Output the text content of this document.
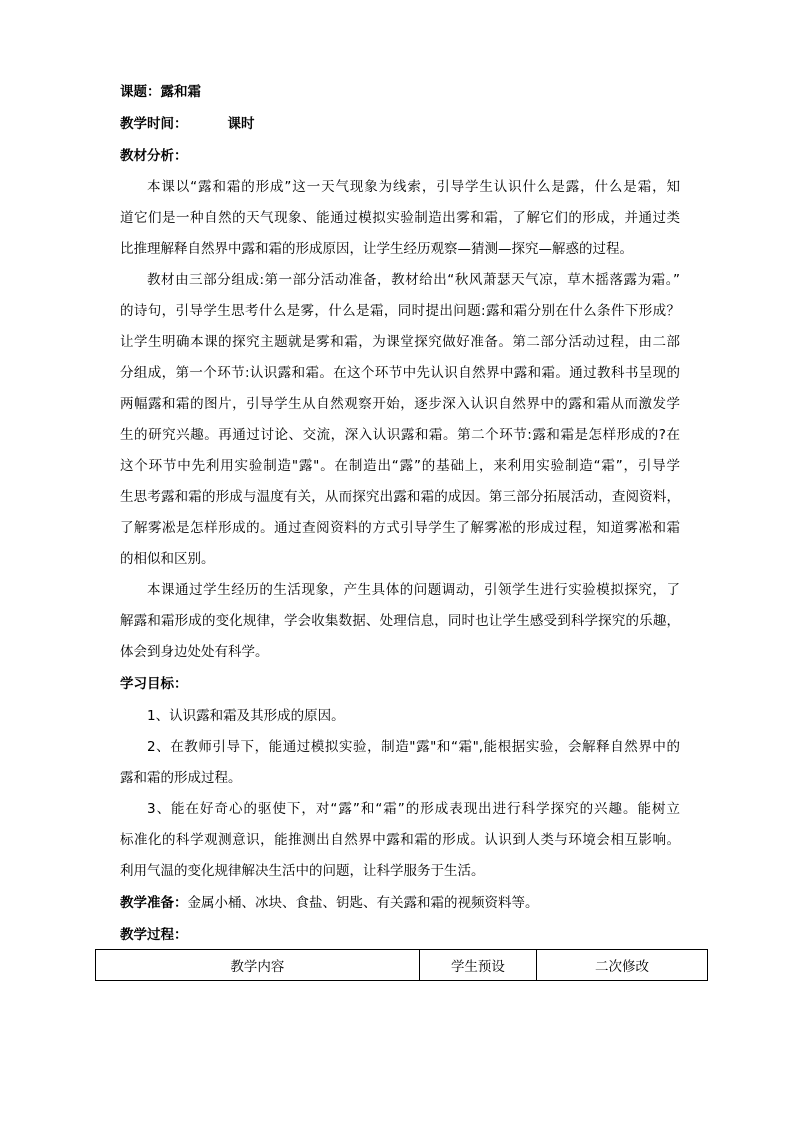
课题：露和霜
教学时间：	课时
教材分析：
本课以“露和霜的形成”这一天气现象为线索，引导学生认识什么是露，什么是霜，知
道它们是一种自然的天气现象、能通过模拟实验制造出雾和霜，了解它们的形成，并通过类
比推理解释自然界中露和霜的形成原因，让学生经历观察—猜测—探究—解惑的过程。
教材由三部分组成:第一部分活动准备，教材给出“秋风萧瑟天气凉，草木摇落露为霜。”
的诗句，引导学生思考什么是雾，什么是霜，同时提出问题:露和霜分别在什么条件下形成？
让学生明确本课的探究主题就是雾和霜，为课堂探究做好准备。第二部分活动过程，由二部
分组成，第一个环节:认识露和霜。在这个环节中先认识自然界中露和霜。通过教科书呈现的
两幅露和霜的图片，引导学生从自然观察开始，逐步深入认识自然界中的露和霜从而激发学
生的研究兴趣。再通过讨论、交流，深入认识露和霜。第二个环节:露和霜是怎样形成的?在
这个环节中先利用实验制造"露"。在制造出“露”的基础上，来利用实验制造“霜”，引导学
生思考露和霜的形成与温度有关，从而探究出露和霜的成因。第三部分拓展活动，查阅资料，
了解雾凇是怎样形成的。通过查阅资料的方式引导学生了解雾凇的形成过程，知道雾凇和霜
的相似和区别。
本课通过学生经历的生活现象，产生具体的问题调动，引领学生进行实验模拟探究，了
解露和霜形成的变化规律，学会收集数据、处理信息，同时也让学生感受到科学探究的乐趣，
体会到身边处处有科学。
学习目标：
1、认识露和霜及其形成的原因。
2、在教师引导下，能通过模拟实验，制造"露"和“霜",能根据实验，会解释自然界中的
露和霜的形成过程。
3、能在好奇心的驱使下，对“露”和“霜”的形成表现出进行科学探究的兴趣。能树立
标准化的科学观测意识，能推测出自然界中露和霜的形成。认识到人类与环境会相互影响。
利用气温的变化规律解决生活中的问题，让科学服务于生活。
教学准备：金属小桶、冰块、食盐、钥匙、有关露和霜的视频资料等。
教学过程：
教学内容	学生预设	二次修改
